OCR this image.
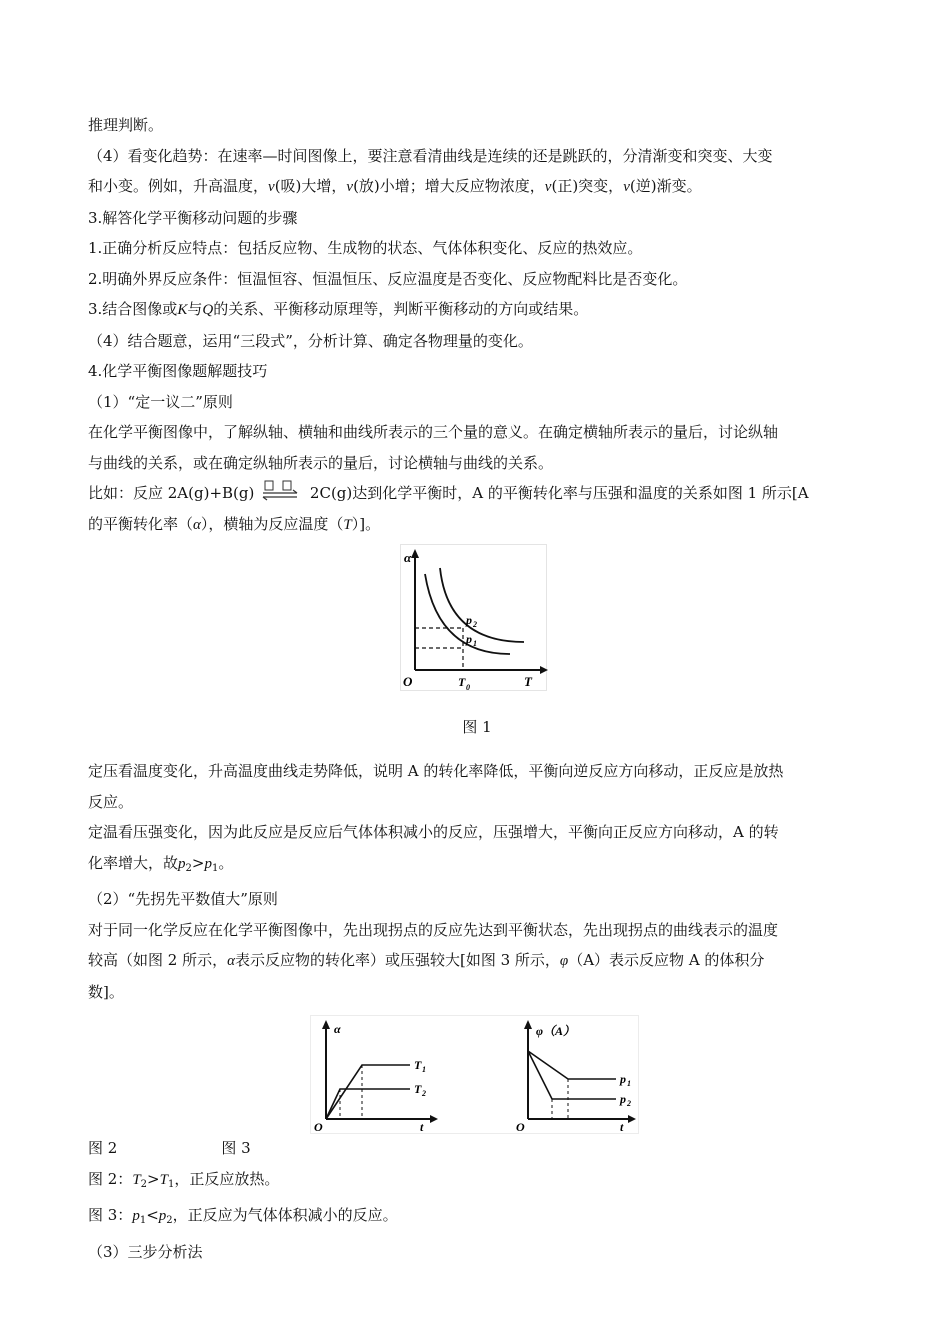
推理判断。

（4）看变化趋势：在速率—时间图像上，要注意看清曲线是连续的还是跳跃的，分清渐变和突变、大变

和小变。例如，升高温度，v(吸)大增，v(放)小增；增大反应物浓度，v(正)突变，v(逆)渐变。

3.解答化学平衡移动问题的步骤

1.正确分析反应特点：包括反应物、生成物的状态、气体体积变化、反应的热效应。

2.明确外界反应条件：恒温恒容、恒温恒压、反应温度是否变化、反应物配料比是否变化。

3.结合图像或K与Q的关系、平衡移动原理等，判断平衡移动的方向或结果。

（4）结合题意，运用“三段式”，分析计算、确定各物理量的变化。

4.化学平衡图像题解题技巧

（1）“定一议二”原则

在化学平衡图像中，了解纵轴、横轴和曲线所表示的三个量的意义。在确定横轴所表示的量后，讨论纵轴

与曲线的关系，或在确定纵轴所表示的量后，讨论横轴与曲线的关系。

比如：反应 2A(g)+B(g) ⇌ 2C(g)达到化学平衡时，A 的平衡转化率与压强和温度的关系如图 1 所示[A

的平衡转化率（α），横轴为反应温度（T）]。

α
T
O	T 0
p 2
p 1

图 1

定压看温度变化，升高温度曲线走势降低，说明 A 的转化率降低，平衡向逆反应方向移动，正反应是放热

反应。

定温看压强变化，因为此反应是反应后气体体积减小的反应，压强增大，平衡向正反应方向移动，A 的转

化率增大，故$p_2>p_1$。

（2）“先拐先平数值大”原则

对于同一化学反应在化学平衡图像中，先出现拐点的反应先达到平衡状态，先出现拐点的曲线表示的温度

较高（如图 2 所示，α表示反应物的转化率）或压强较大[如图 3 所示，φ（A）表示反应物 A 的体积分

数]。

α
t
O
T 1
T 2
φ（A）
t
O
p 1
p 2

图 2	图 3

图 2：$T_2>T_1$，正反应放热。

图 3：$p_1<p_2$，正反应为气体体积减小的反应。

（3）三步分析法
